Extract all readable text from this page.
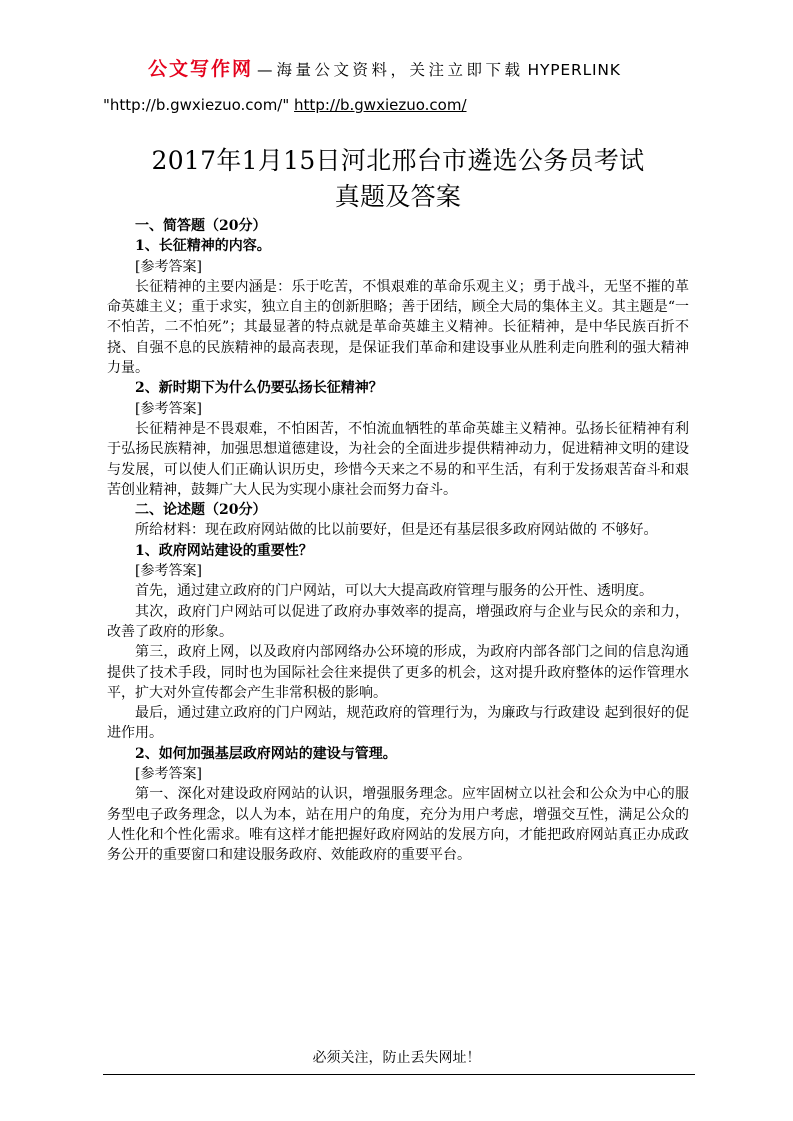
公文写作网 — 海量公文资料，关注立即下载 HYPERLINK
"http://b.gwxiezuo.com/" http://b.gwxiezuo.com/
2017年1月15日河北邢台市遴选公务员考试
真题及答案

一、简答题（20分）

1、长征精神的内容。

[参考答案]

长征精神的主要内涵是：乐于吃苦，不惧艰难的革命乐观主义；勇于战斗，无坚不摧的革命英雄主义；重于求实，独立自主的创新胆略；善于团结，顾全大局的集体主义。其主题是“一不怕苦，二不怕死”；其最显著的特点就是革命英雄主义精神。长征精神，是中华民族百折不挠、自强不息的民族精神的最高表现，是保证我们革命和建设事业从胜利走向胜利的强大精神力量。

2、新时期下为什么仍要弘扬长征精神？

[参考答案]

长征精神是不畏艰难，不怕困苦，不怕流血牺牲的革命英雄主义精神。弘扬长征精神有利于弘扬民族精神，加强思想道德建设，为社会的全面进步提供精神动力，促进精神文明的建设与发展，可以使人们正确认识历史，珍惜今天来之不易的和平生活，有利于发扬艰苦奋斗和艰苦创业精神，鼓舞广大人民为实现小康社会而努力奋斗。

二、论述题（20分）

所给材料：现在政府网站做的比以前要好，但是还有基层很多政府网站做的 不够好。

1、政府网站建设的重要性？

[参考答案]

首先，通过建立政府的门户网站，可以大大提高政府管理与服务的公开性、透明度。

其次，政府门户网站可以促进了政府办事效率的提高，增强政府与企业与民众的亲和力，改善了政府的形象。

第三，政府上网，以及政府内部网络办公环境的形成，为政府内部各部门之间的信息沟通提供了技术手段，同时也为国际社会往来提供了更多的机会，这对提升政府整体的运作管理水平，扩大对外宣传都会产生非常积极的影响。

最后，通过建立政府的门户网站，规范政府的管理行为，为廉政与行政建设 起到很好的促进作用。

2、如何加强基层政府网站的建设与管理。

[参考答案]

第一、深化对建设政府网站的认识，增强服务理念。应牢固树立以社会和公众为中心的服务型电子政务理念，以人为本，站在用户的角度，充分为用户考虑，增强交互性，满足公众的人性化和个性化需求。唯有这样才能把握好政府网站的发展方向，才能把政府网站真正办成政务公开的重要窗口和建设服务政府、效能政府的重要平台。

必须关注，防止丢失网址！
